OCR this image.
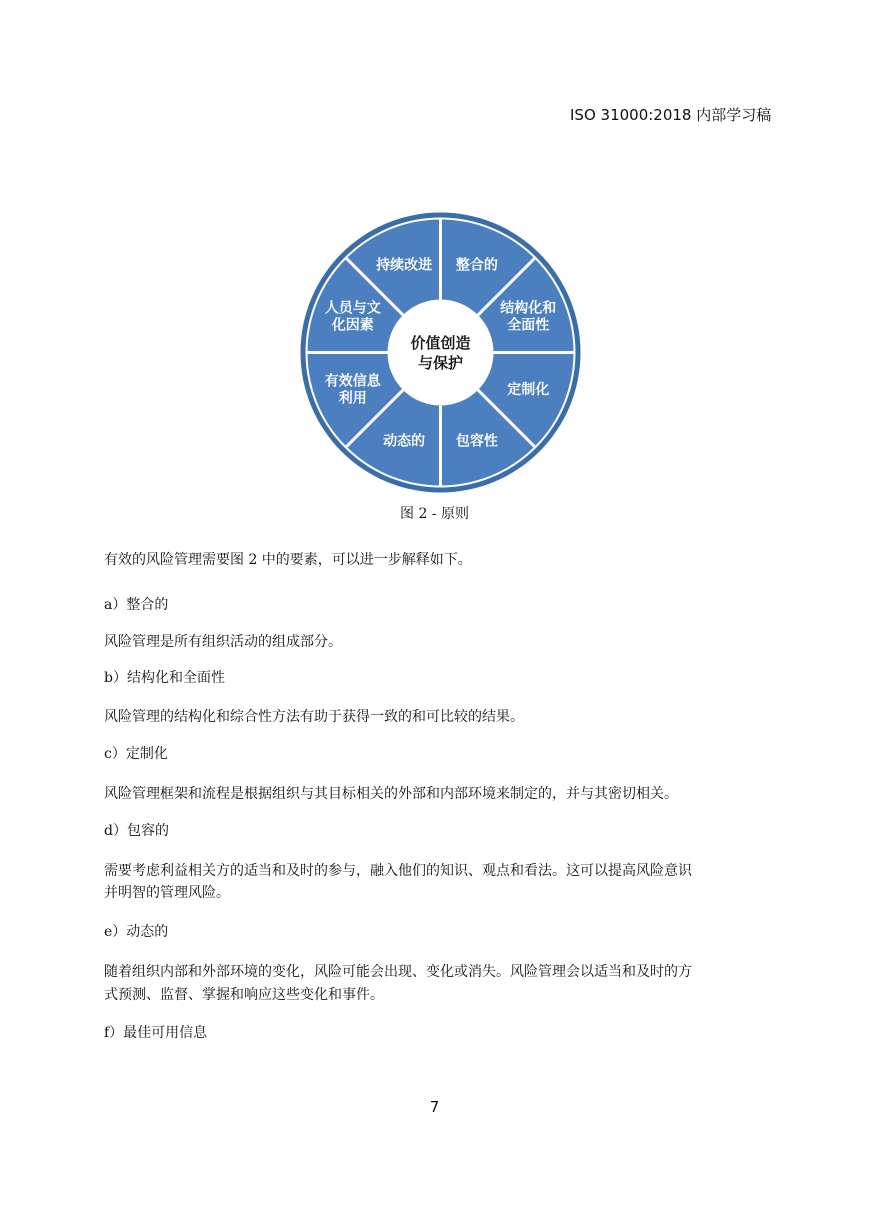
ISO 31000:2018 内部学习稿
价值创造
与保护
整合的
结构化和
全面性
定制化
包容性
动态的
有效信息
利用
人员与文
化因素
持续改进
图 2 - 原则
有效的风险管理需要图 2 中的要素，可以进一步解释如下。
a）整合的
风险管理是所有组织活动的组成部分。
b）结构化和全面性
风险管理的结构化和综合性方法有助于获得一致的和可比较的结果。
c）定制化
风险管理框架和流程是根据组织与其目标相关的外部和内部环境来制定的，并与其密切相关。
d）包容的
需要考虑利益相关方的适当和及时的参与，融入他们的知识、观点和看法。这可以提高风险意识
并明智的管理风险。
e）动态的
随着组织内部和外部环境的变化，风险可能会出现、变化或消失。风险管理会以适当和及时的方
式预测、监督、掌握和响应这些变化和事件。
f）最佳可用信息
7
